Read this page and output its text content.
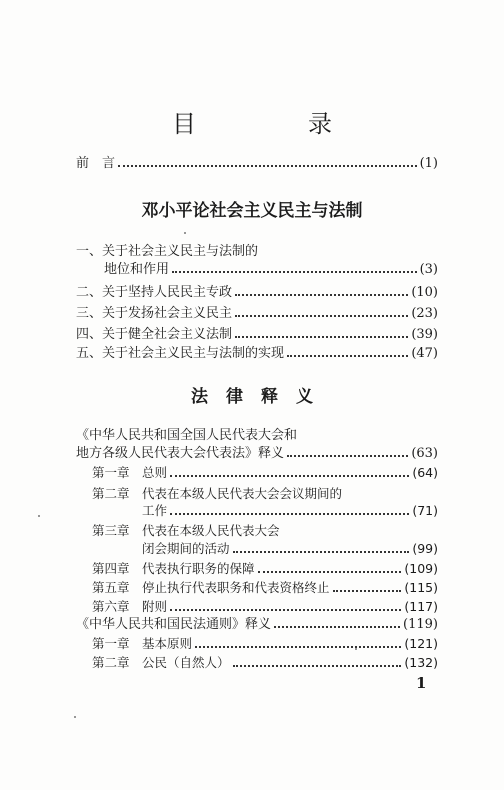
目　录
前　言	(1)
邓小平论社会主义民主与法制
一、关于社会主义民主与法制的
地位和作用	(3)
二、关于坚持人民民主专政	(10)
三、关于发扬社会主义民主	(23)
四、关于健全社会主义法制	(39)
五、关于社会主义民主与法制的实现	(47)
法律释义
《中华人民共和国全国人民代表大会和
地方各级人民代表大会代表法》释义	(63)
第一章 总则	(64)
第二章 代表在本级人民代表大会会议期间的
工作	(71)
第三章 代表在本级人民代表大会
闭会期间的活动	(99)
第四章 代表执行职务的保障	(109)
第五章 停止执行代表职务和代表资格终止	(115)
第六章 附则	(117)
《中华人民共和国民法通则》释义	(119)
第一章 基本原则	(121)
第二章 公民（自然人）	(132)
1
